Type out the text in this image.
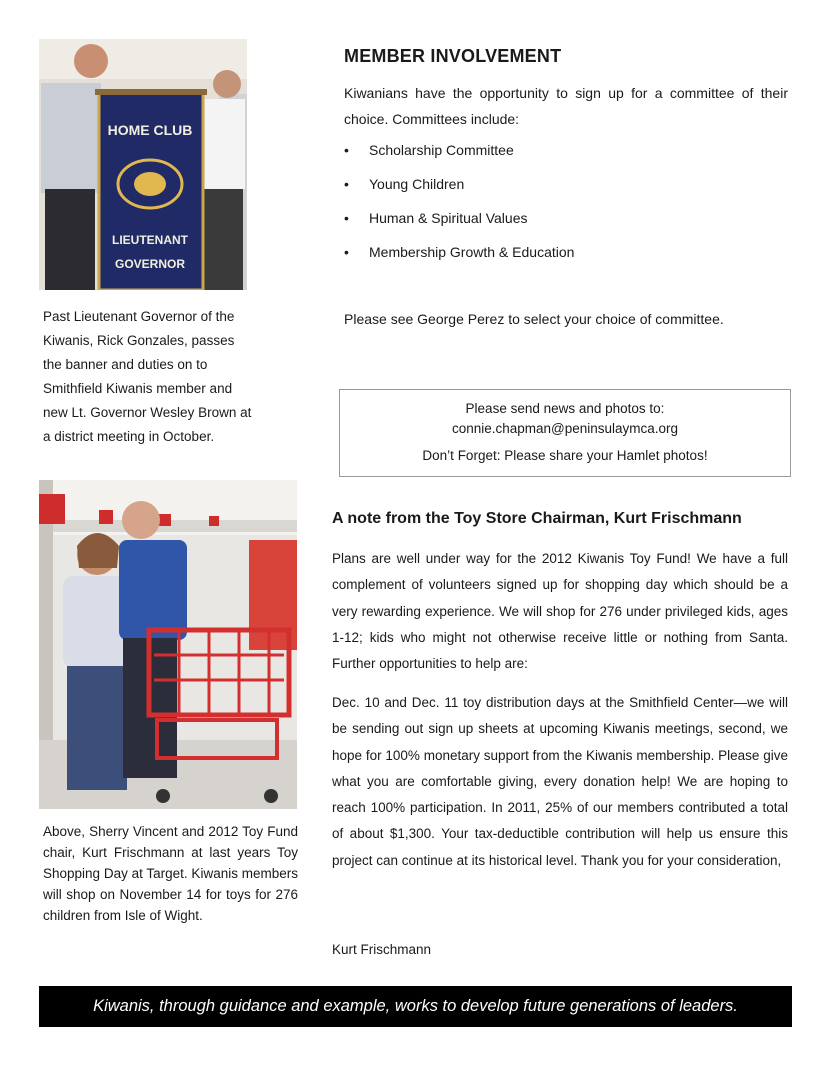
HOME CLUB
LIEUTENANT
GOVERNOR
Past Lieutenant Governor of the Kiwanis, Rick Gonzales, passes the banner and duties on to Smithfield Kiwanis member and new Lt. Governor Wesley Brown at a district meeting in October.
MEMBER INVOLVEMENT
Kiwanians have the opportunity to sign up for a committee of their choice. Committees include:
• Scholarship Committee
• Young Children
• Human & Spiritual Values
• Membership Growth & Education
Please see George Perez to select your choice of committee.
Please send news and photos to:
connie.chapman@peninsulaymca.org
Don’t Forget: Please share your Hamlet photos!
Above, Sherry Vincent and 2012 Toy Fund chair, Kurt Frischmann at last years Toy Shopping Day at Target. Kiwanis members will shop on November 14 for toys for 276 children from Isle of Wight.
A note from the Toy Store Chairman, Kurt Frischmann
Plans are well under way for the 2012 Kiwanis Toy Fund! We have a full complement of volunteers signed up for shopping day which should be a very rewarding experience. We will shop for 276 under privileged kids, ages 1-12; kids who might not otherwise receive little or nothing from Santa. Further opportunities to help are:
Dec. 10 and Dec. 11 toy distribution days at the Smithfield Center—we will be sending out sign up sheets at upcoming Kiwanis meetings, second, we hope for 100% monetary support from the Kiwanis membership. Please give what you are comfortable giving, every donation help! We are hoping to reach 100% participation. In 2011, 25% of our members contributed a total of about $1,300. Your tax-deductible contribution will help us ensure this project can continue at its historical level. Thank you for your consideration,
Kurt Frischmann
Kiwanis, through guidance and example, works to develop future generations of leaders.
